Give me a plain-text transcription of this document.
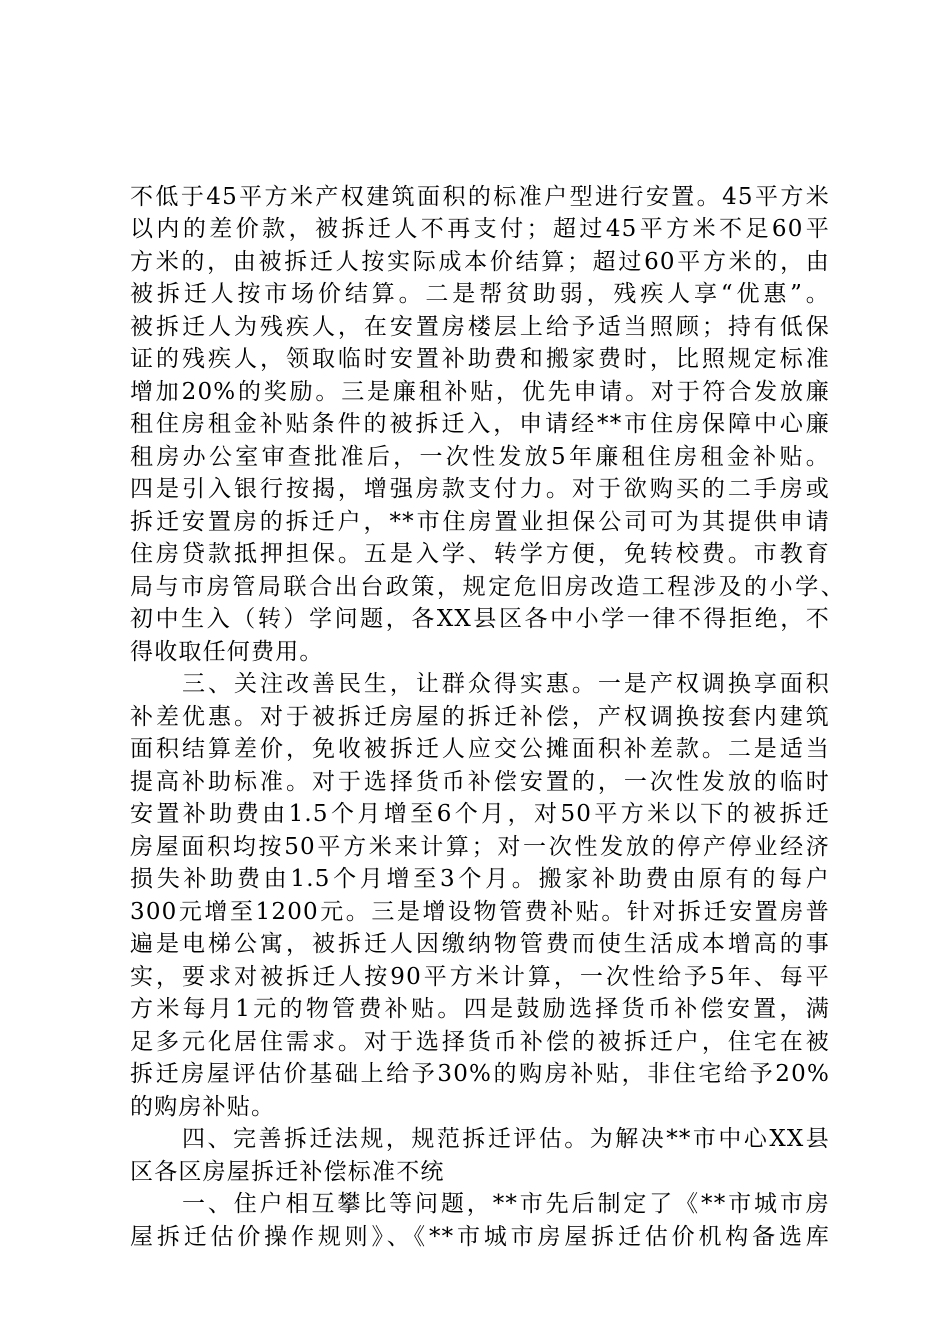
不低于45平方米产权建筑面积的标准户型进行安置。45平方米
以内的差价款，被拆迁人不再支付；超过45平方米不足60平
方米的，由被拆迁人按实际成本价结算；超过60平方米的，由
被拆迁人按市场价结算。二是帮贫助弱，残疾人享“优惠”。
被拆迁人为残疾人，在安置房楼层上给予适当照顾；持有低保
证的残疾人，领取临时安置补助费和搬家费时，比照规定标准
增加20%的奖励。三是廉租补贴，优先申请。对于符合发放廉
租住房租金补贴条件的被拆迁入，申请经**市住房保障中心廉
租房办公室审查批准后，一次性发放5年廉租住房租金补贴。
四是引入银行按揭，增强房款支付力。对于欲购买的二手房或
拆迁安置房的拆迁户，**市住房置业担保公司可为其提供申请
住房贷款抵押担保。五是入学、转学方便，免转校费。市教育
局与市房管局联合出台政策，规定危旧房改造工程涉及的小学、
初中生入（转）学问题，各XX县区各中小学一律不得拒绝，不
得收取任何费用。
三、关注改善民生，让群众得实惠。一是产权调换享面积
补差优惠。对于被拆迁房屋的拆迁补偿，产权调换按套内建筑
面积结算差价，免收被拆迁人应交公摊面积补差款。二是适当
提高补助标准。对于选择货币补偿安置的，一次性发放的临时
安置补助费由1.5个月增至6个月，对50平方米以下的被拆迁
房屋面积均按50平方米来计算；对一次性发放的停产停业经济
损失补助费由1.5个月增至3个月。搬家补助费由原有的每户
300元增至1200元。三是增设物管费补贴。针对拆迁安置房普
遍是电梯公寓，被拆迁人因缴纳物管费而使生活成本增高的事
实，要求对被拆迁人按90平方米计算，一次性给予5年、每平
方米每月1元的物管费补贴。四是鼓励选择货币补偿安置，满
足多元化居住需求。对于选择货币补偿的被拆迁户，住宅在被
拆迁房屋评估价基础上给予30%的购房补贴，非住宅给予20%
的购房补贴。
四、完善拆迁法规，规范拆迁评估。为解决**市中心XX县
区各区房屋拆迁补偿标准不统
一、住户相互攀比等问题，**市先后制定了《**市城市房
屋拆迁估价操作规则》、《**市城市房屋拆迁估价机构备选库
